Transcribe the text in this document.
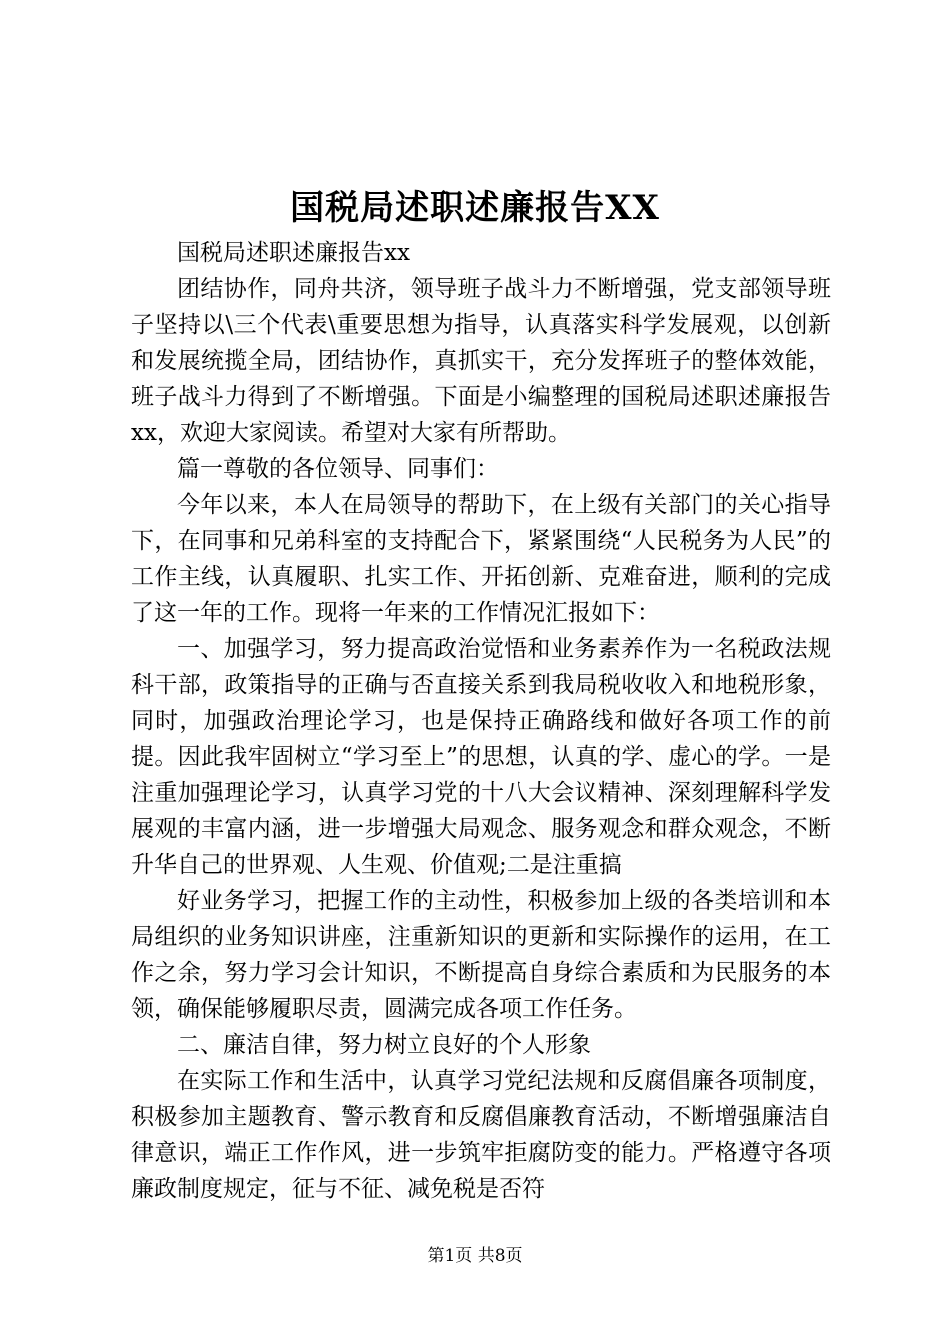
国税局述职述廉报告XX

国税局述职述廉报告xx

团结协作，同舟共济，领导班子战斗力不断增强，党支部领导班子坚持以\三个代表\重要思想为指导，认真落实科学发展观，以创新和发展统揽全局，团结协作，真抓实干，充分发挥班子的整体效能，班子战斗力得到了不断增强。下面是小编整理的国税局述职述廉报告xx，欢迎大家阅读。希望对大家有所帮助。

篇一尊敬的各位领导、同事们：

今年以来，本人在局领导的帮助下，在上级有关部门的关心指导下，在同事和兄弟科室的支持配合下，紧紧围绕“人民税务为人民”的工作主线，认真履职、扎实工作、开拓创新、克难奋进，顺利的完成了这一年的工作。现将一年来的工作情况汇报如下：

一、加强学习，努力提高政治觉悟和业务素养作为一名税政法规科干部，政策指导的正确与否直接关系到我局税收收入和地税形象，同时，加强政治理论学习，也是保持正确路线和做好各项工作的前提。因此我牢固树立“学习至上”的思想，认真的学、虚心的学。一是注重加强理论学习，认真学习党的十八大会议精神、深刻理解科学发展观的丰富内涵，进一步增强大局观念、服务观念和群众观念，不断升华自己的世界观、人生观、价值观;二是注重搞

好业务学习，把握工作的主动性，积极参加上级的各类培训和本局组织的业务知识讲座，注重新知识的更新和实际操作的运用，在工作之余，努力学习会计知识，不断提高自身综合素质和为民服务的本领，确保能够履职尽责，圆满完成各项工作任务。

二、廉洁自律，努力树立良好的个人形象

在实际工作和生活中，认真学习党纪法规和反腐倡廉各项制度，积极参加主题教育、警示教育和反腐倡廉教育活动，不断增强廉洁自律意识，端正工作作风，进一步筑牢拒腐防变的能力。严格遵守各项廉政制度规定，征与不征、减免税是否符

第1页 共8页
